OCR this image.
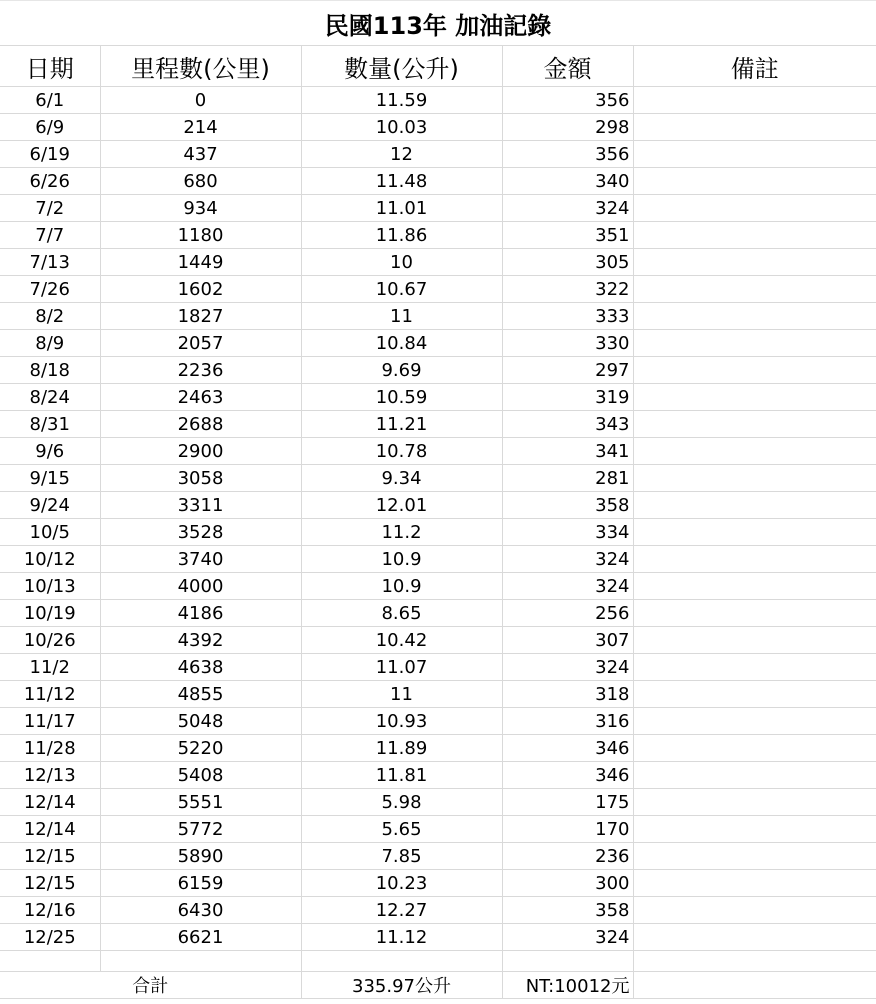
民國113年 加油記錄				
日期	里程數(公里)	數量(公升)	金額	備註
6/1	0	11.59	356	
6/9	214	10.03	298	
6/19	437	12	356	
6/26	680	11.48	340	
7/2	934	11.01	324	
7/7	1180	11.86	351	
7/13	1449	10	305	
7/26	1602	10.67	322	
8/2	1827	11	333	
8/9	2057	10.84	330	
8/18	2236	9.69	297	
8/24	2463	10.59	319	
8/31	2688	11.21	343	
9/6	2900	10.78	341	
9/15	3058	9.34	281	
9/24	3311	12.01	358	
10/5	3528	11.2	334	
10/12	3740	10.9	324	
10/13	4000	10.9	324	
10/19	4186	8.65	256	
10/26	4392	10.42	307	
11/2	4638	11.07	324	
11/12	4855	11	318	
11/17	5048	10.93	316	
11/28	5220	11.89	346	
12/13	5408	11.81	346	
12/14	5551	5.98	175	
12/14	5772	5.65	170	
12/15	5890	7.85	236	
12/15	6159	10.23	300	
12/16	6430	12.27	358	
12/25	6621	11.12	324	

合計		335.97公升	NT:10012元	
